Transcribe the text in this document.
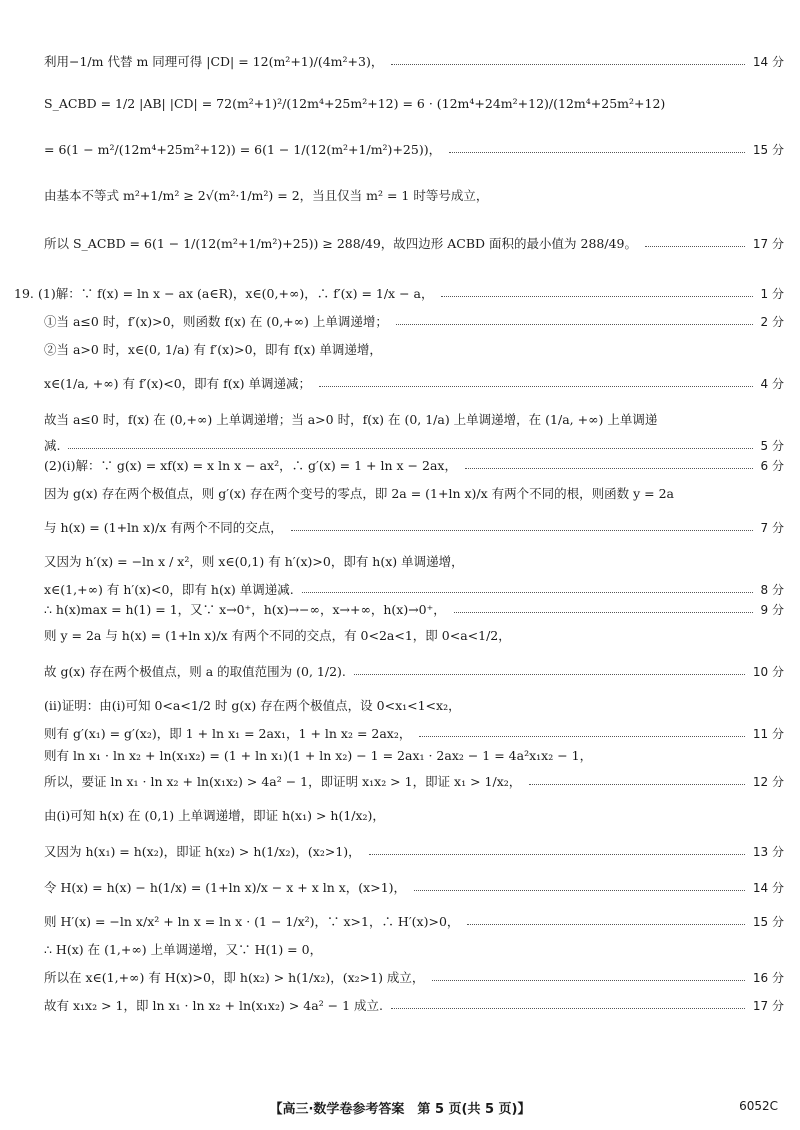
利用−1/m 代替 m 同理可得 |CD| = 12(m²+1)/(4m²+3)，	14 分
S_ACBD = 1/2 |AB| |CD| = 72(m²+1)²/(12m⁴+25m²+12) = 6 · (12m⁴+24m²+12)/(12m⁴+25m²+12)
= 6(1 − m²/(12m⁴+25m²+12)) = 6(1 − 1/(12(m²+1/m²)+25))，	15 分
由基本不等式 m²+1/m² ≥ 2√(m²·1/m²) = 2，当且仅当 m² = 1 时等号成立，
所以 S_ACBD = 6(1 − 1/(12(m²+1/m²)+25)) ≥ 288/49，故四边形 ACBD 面积的最小值为 288/49。	17 分
19. (1)解：∵ f(x) = ln x − ax (a∈R)，x∈(0,+∞)，∴ f′(x) = 1/x − a，	1 分
①当 a≤0 时，f′(x)>0，则函数 f(x) 在 (0,+∞) 上单调递增；	2 分
②当 a>0 时，x∈(0, 1/a) 有 f′(x)>0，即有 f(x) 单调递增，
x∈(1/a, +∞) 有 f′(x)<0，即有 f(x) 单调递减；	4 分
故当 a≤0 时，f(x) 在 (0,+∞) 上单调递增；当 a>0 时，f(x) 在 (0, 1/a) 上单调递增，在 (1/a, +∞) 上单调递
减.	5 分
(2)(i)解：∵ g(x) = xf(x) = x ln x − ax²，∴ g′(x) = 1 + ln x − 2ax，	6 分
因为 g(x) 存在两个极值点，则 g′(x) 存在两个变号的零点，即 2a = (1+ln x)/x 有两个不同的根，则函数 y = 2a
与 h(x) = (1+ln x)/x 有两个不同的交点，	7 分
又因为 h′(x) = −ln x / x²，则 x∈(0,1) 有 h′(x)>0，即有 h(x) 单调递增，
x∈(1,+∞) 有 h′(x)<0，即有 h(x) 单调递减.	8 分
∴ h(x)max = h(1) = 1，又∵ x→0⁺，h(x)→−∞，x→+∞，h(x)→0⁺，	9 分
则 y = 2a 与 h(x) = (1+ln x)/x 有两个不同的交点，有 0<2a<1，即 0<a<1/2，
故 g(x) 存在两个极值点，则 a 的取值范围为 (0, 1/2).	10 分
(ii)证明：由(i)可知 0<a<1/2 时 g(x) 存在两个极值点，设 0<x₁<1<x₂，
则有 g′(x₁) = g′(x₂)，即 1 + ln x₁ = 2ax₁，1 + ln x₂ = 2ax₂，	11 分
则有 ln x₁ · ln x₂ + ln(x₁x₂) = (1 + ln x₁)(1 + ln x₂) − 1 = 2ax₁ · 2ax₂ − 1 = 4a²x₁x₂ − 1，
所以，要证 ln x₁ · ln x₂ + ln(x₁x₂) > 4a² − 1，即证明 x₁x₂ > 1，即证 x₁ > 1/x₂，	12 分
由(i)可知 h(x) 在 (0,1) 上单调递增，即证 h(x₁) > h(1/x₂)，
又因为 h(x₁) = h(x₂)，即证 h(x₂) > h(1/x₂)，(x₂>1)，	13 分
令 H(x) = h(x) − h(1/x) = (1+ln x)/x − x + x ln x，(x>1)，	14 分
则 H′(x) = −ln x/x² + ln x = ln x · (1 − 1/x²)，∵ x>1，∴ H′(x)>0，	15 分
∴ H(x) 在 (1,+∞) 上单调递增，又∵ H(1) = 0，
所以在 x∈(1,+∞) 有 H(x)>0，即 h(x₂) > h(1/x₂)，(x₂>1) 成立，	16 分
故有 x₁x₂ > 1，即 ln x₁ · ln x₂ + ln(x₁x₂) > 4a² − 1 成立.	17 分
【高三·数学卷参考答案　第 5 页(共 5 页)】	6052C
